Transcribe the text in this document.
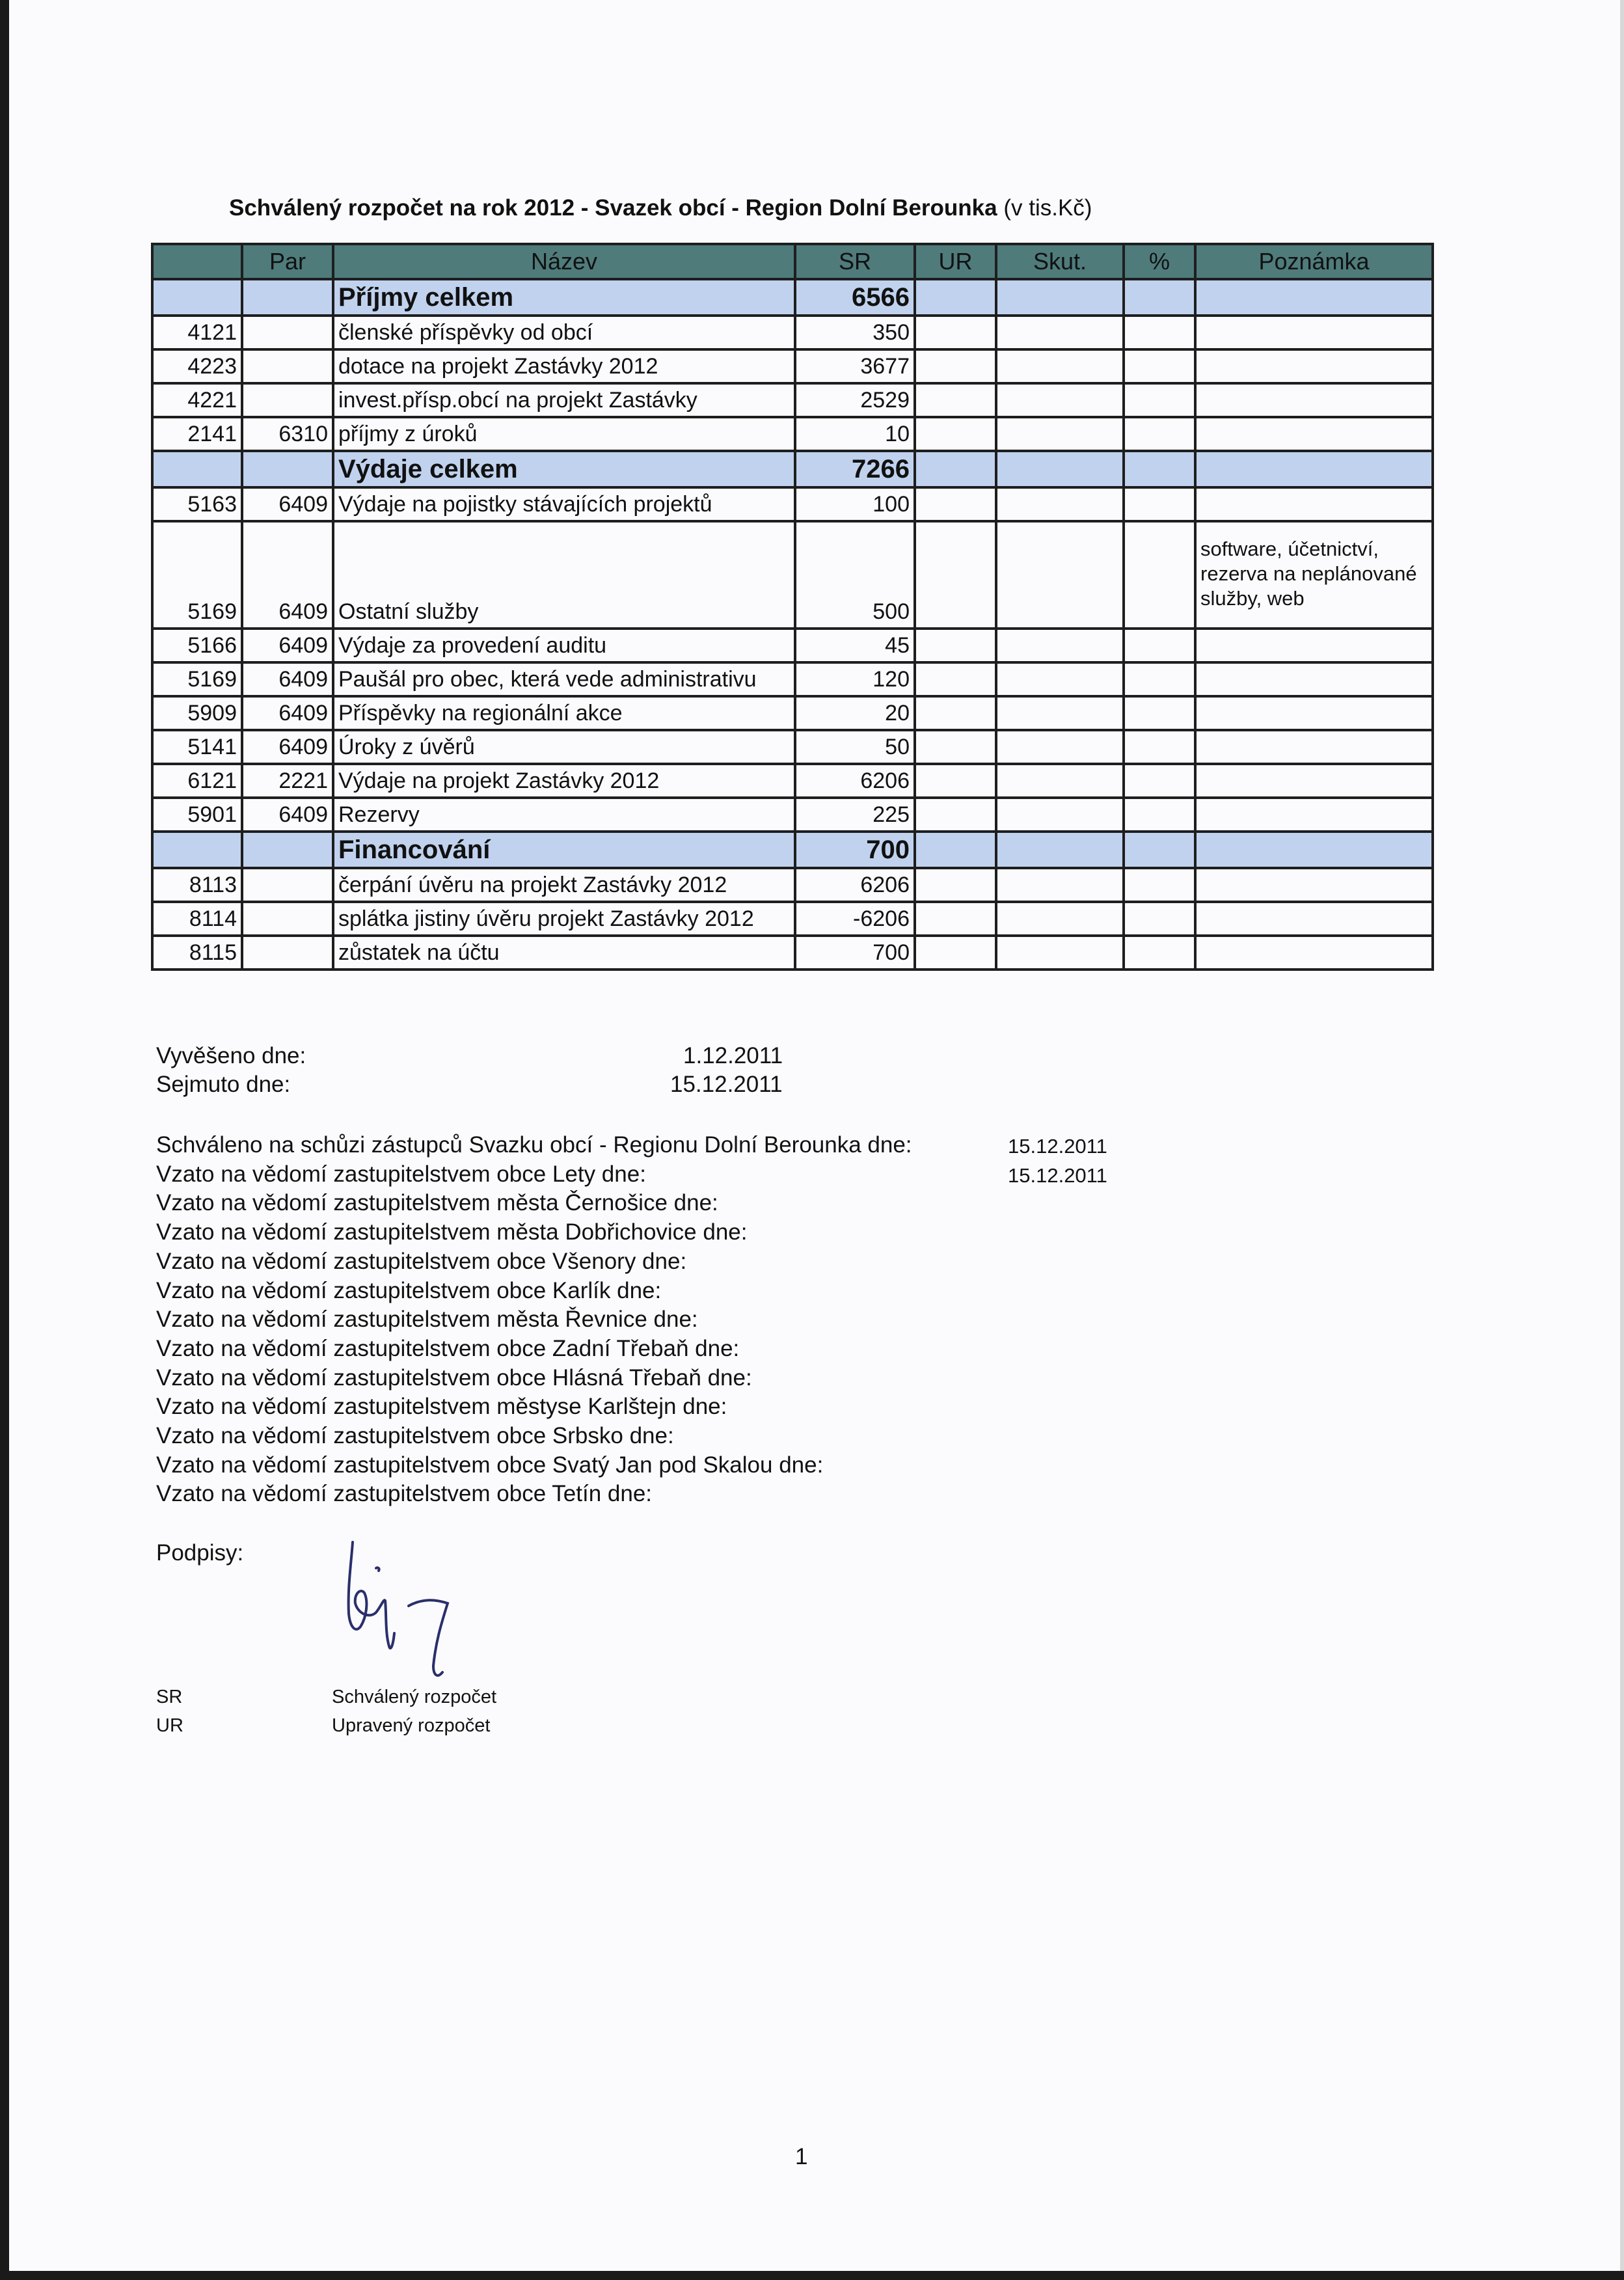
Schválený rozpočet na rok 2012 - Svazek obcí - Region Dolní Berounka (v tis.Kč)
	Par	Název	SR	UR	Skut.	%	Poznámka
		Příjmy celkem	6566				
4121		členské příspěvky od obcí	350				
4223		dotace na projekt Zastávky 2012	3677				
4221		invest.přísp.obcí na projekt Zastávky	2529				
2141	6310	příjmy z úroků	10				
		Výdaje celkem	7266				
5163	6409	Výdaje na pojistky stávajících projektů	100				
5169	6409	Ostatní služby	500				software, účetnictví, rezerva na neplánované služby, web
5166	6409	Výdaje za provedení auditu	45				
5169	6409	Paušál pro obec, která vede administrativu	120				
5909	6409	Příspěvky na regionální akce	20				
5141	6409	Úroky z úvěrů	50				
6121	2221	Výdaje na projekt Zastávky 2012	6206				
5901	6409	Rezervy	225				
		Financování	700				
8113		čerpání úvěru na projekt Zastávky 2012	6206				
8114		splátka jistiny úvěru projekt Zastávky 2012	-6206				
8115		zůstatek na účtu	700				
Vyvěšeno dne:	1.12.2011
Sejmuto dne:	15.12.2011
Schváleno na schůzi zástupců Svazku obcí - Regionu Dolní Berounka dne:	15.12.2011
Vzato na vědomí zastupitelstvem obce Lety dne:	15.12.2011
Vzato na vědomí zastupitelstvem města Černošice dne:
Vzato na vědomí zastupitelstvem města Dobřichovice dne:
Vzato na vědomí zastupitelstvem obce Všenory dne:
Vzato na vědomí zastupitelstvem obce Karlík dne:
Vzato na vědomí zastupitelstvem města Řevnice dne:
Vzato na vědomí zastupitelstvem obce Zadní Třebaň dne:
Vzato na vědomí zastupitelstvem obce Hlásná Třebaň dne:
Vzato na vědomí zastupitelstvem městyse Karlštejn dne:
Vzato na vědomí zastupitelstvem obce Srbsko dne:
Vzato na vědomí zastupitelstvem obce Svatý Jan pod Skalou dne:
Vzato na vědomí zastupitelstvem obce Tetín dne:
Podpisy:
SR	Schválený rozpočet
UR	Upravený rozpočet
1
